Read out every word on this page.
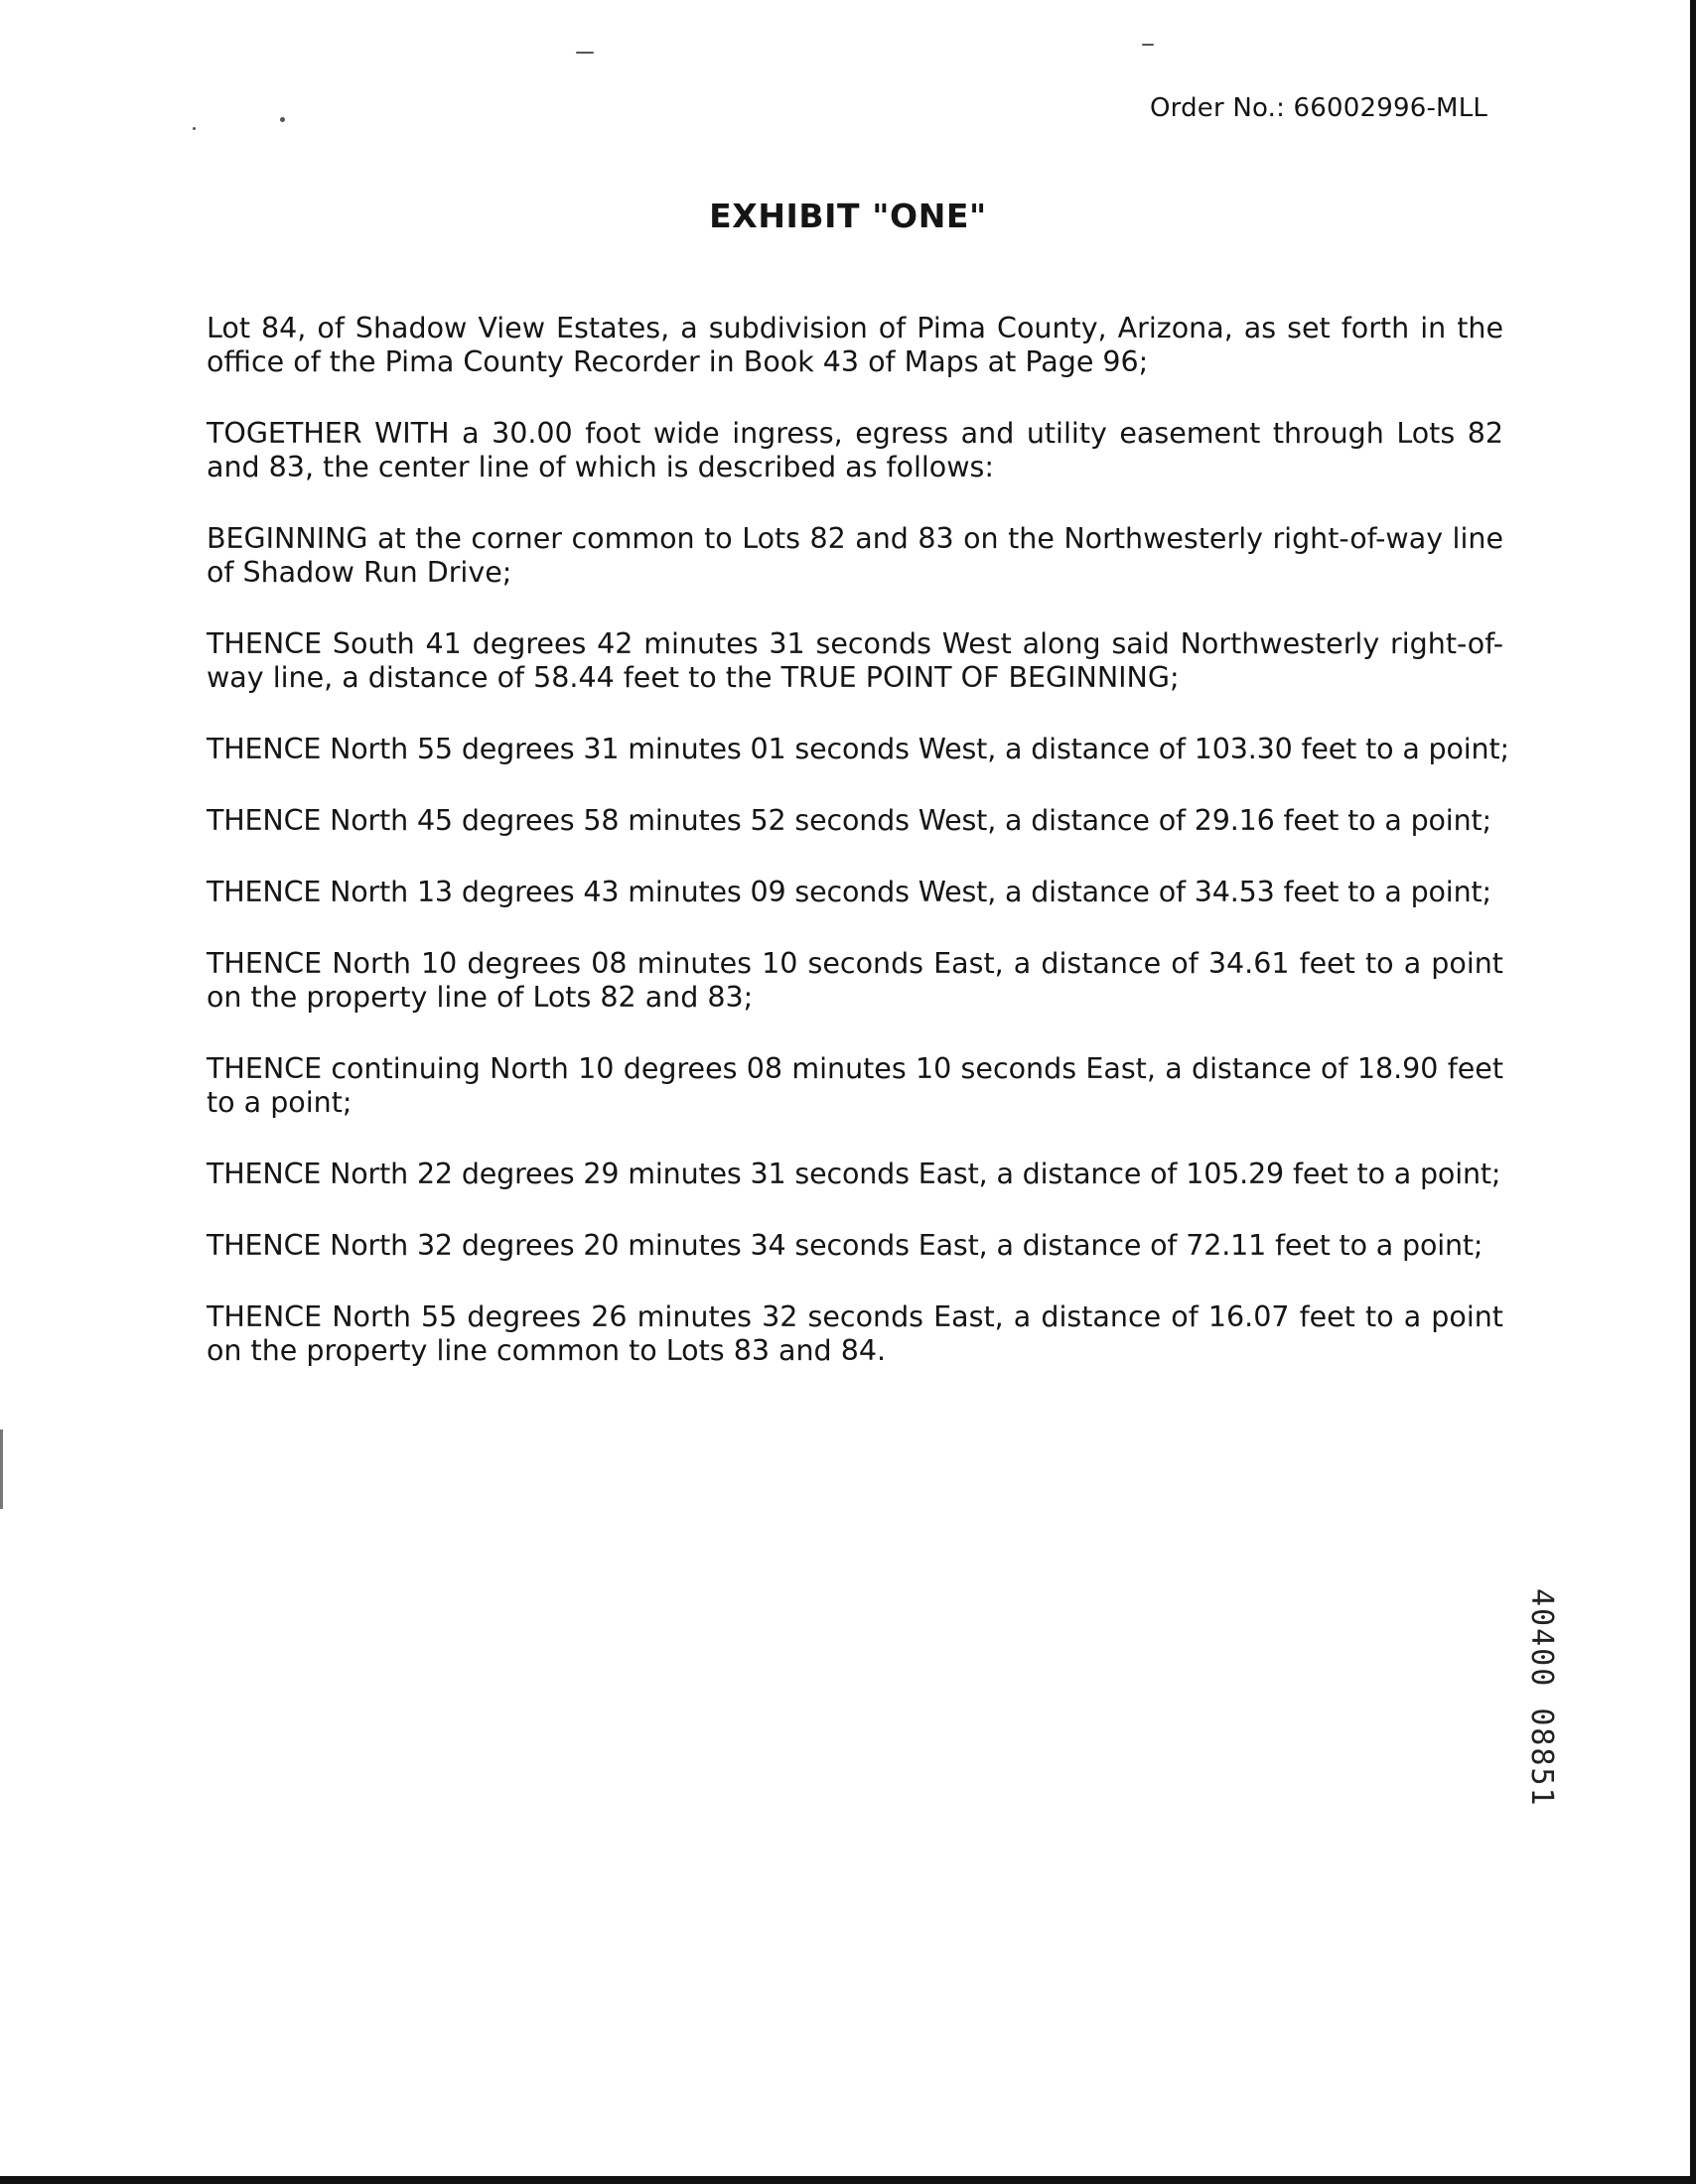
Order No.: 66002996-MLL
EXHIBIT "ONE"

Lot 84, of Shadow View Estates, a subdivision of Pima County, Arizona, as set forth in the office of the Pima County Recorder in Book 43 of Maps at Page 96;

TOGETHER WITH a 30.00 foot wide ingress, egress and utility easement through Lots 82 and 83, the center line of which is described as follows:

BEGINNING at the corner common to Lots 82 and 83 on the Northwesterly right-of-way line of Shadow Run Drive;

THENCE South 41 degrees 42 minutes 31 seconds West along said Northwesterly right-of-way line, a distance of 58.44 feet to the TRUE POINT OF BEGINNING;

THENCE North 55 degrees 31 minutes 01 seconds West, a distance of 103.30 feet to a point;

THENCE North 45 degrees 58 minutes 52 seconds West, a distance of 29.16 feet to a point;

THENCE North 13 degrees 43 minutes 09 seconds West, a distance of 34.53 feet to a point;

THENCE North 10 degrees 08 minutes 10 seconds East, a distance of 34.61 feet to a point on the property line of Lots 82 and 83;

THENCE continuing North 10 degrees 08 minutes 10 seconds East, a distance of 18.90 feet to a point;

THENCE North 22 degrees 29 minutes 31 seconds East, a distance of 105.29 feet to a point;

THENCE North 32 degrees 20 minutes 34 seconds East, a distance of 72.11 feet to a point;

THENCE North 55 degrees 26 minutes 32 seconds East, a distance of 16.07 feet to a point on the property line common to Lots 83 and 84.

40400 08851
